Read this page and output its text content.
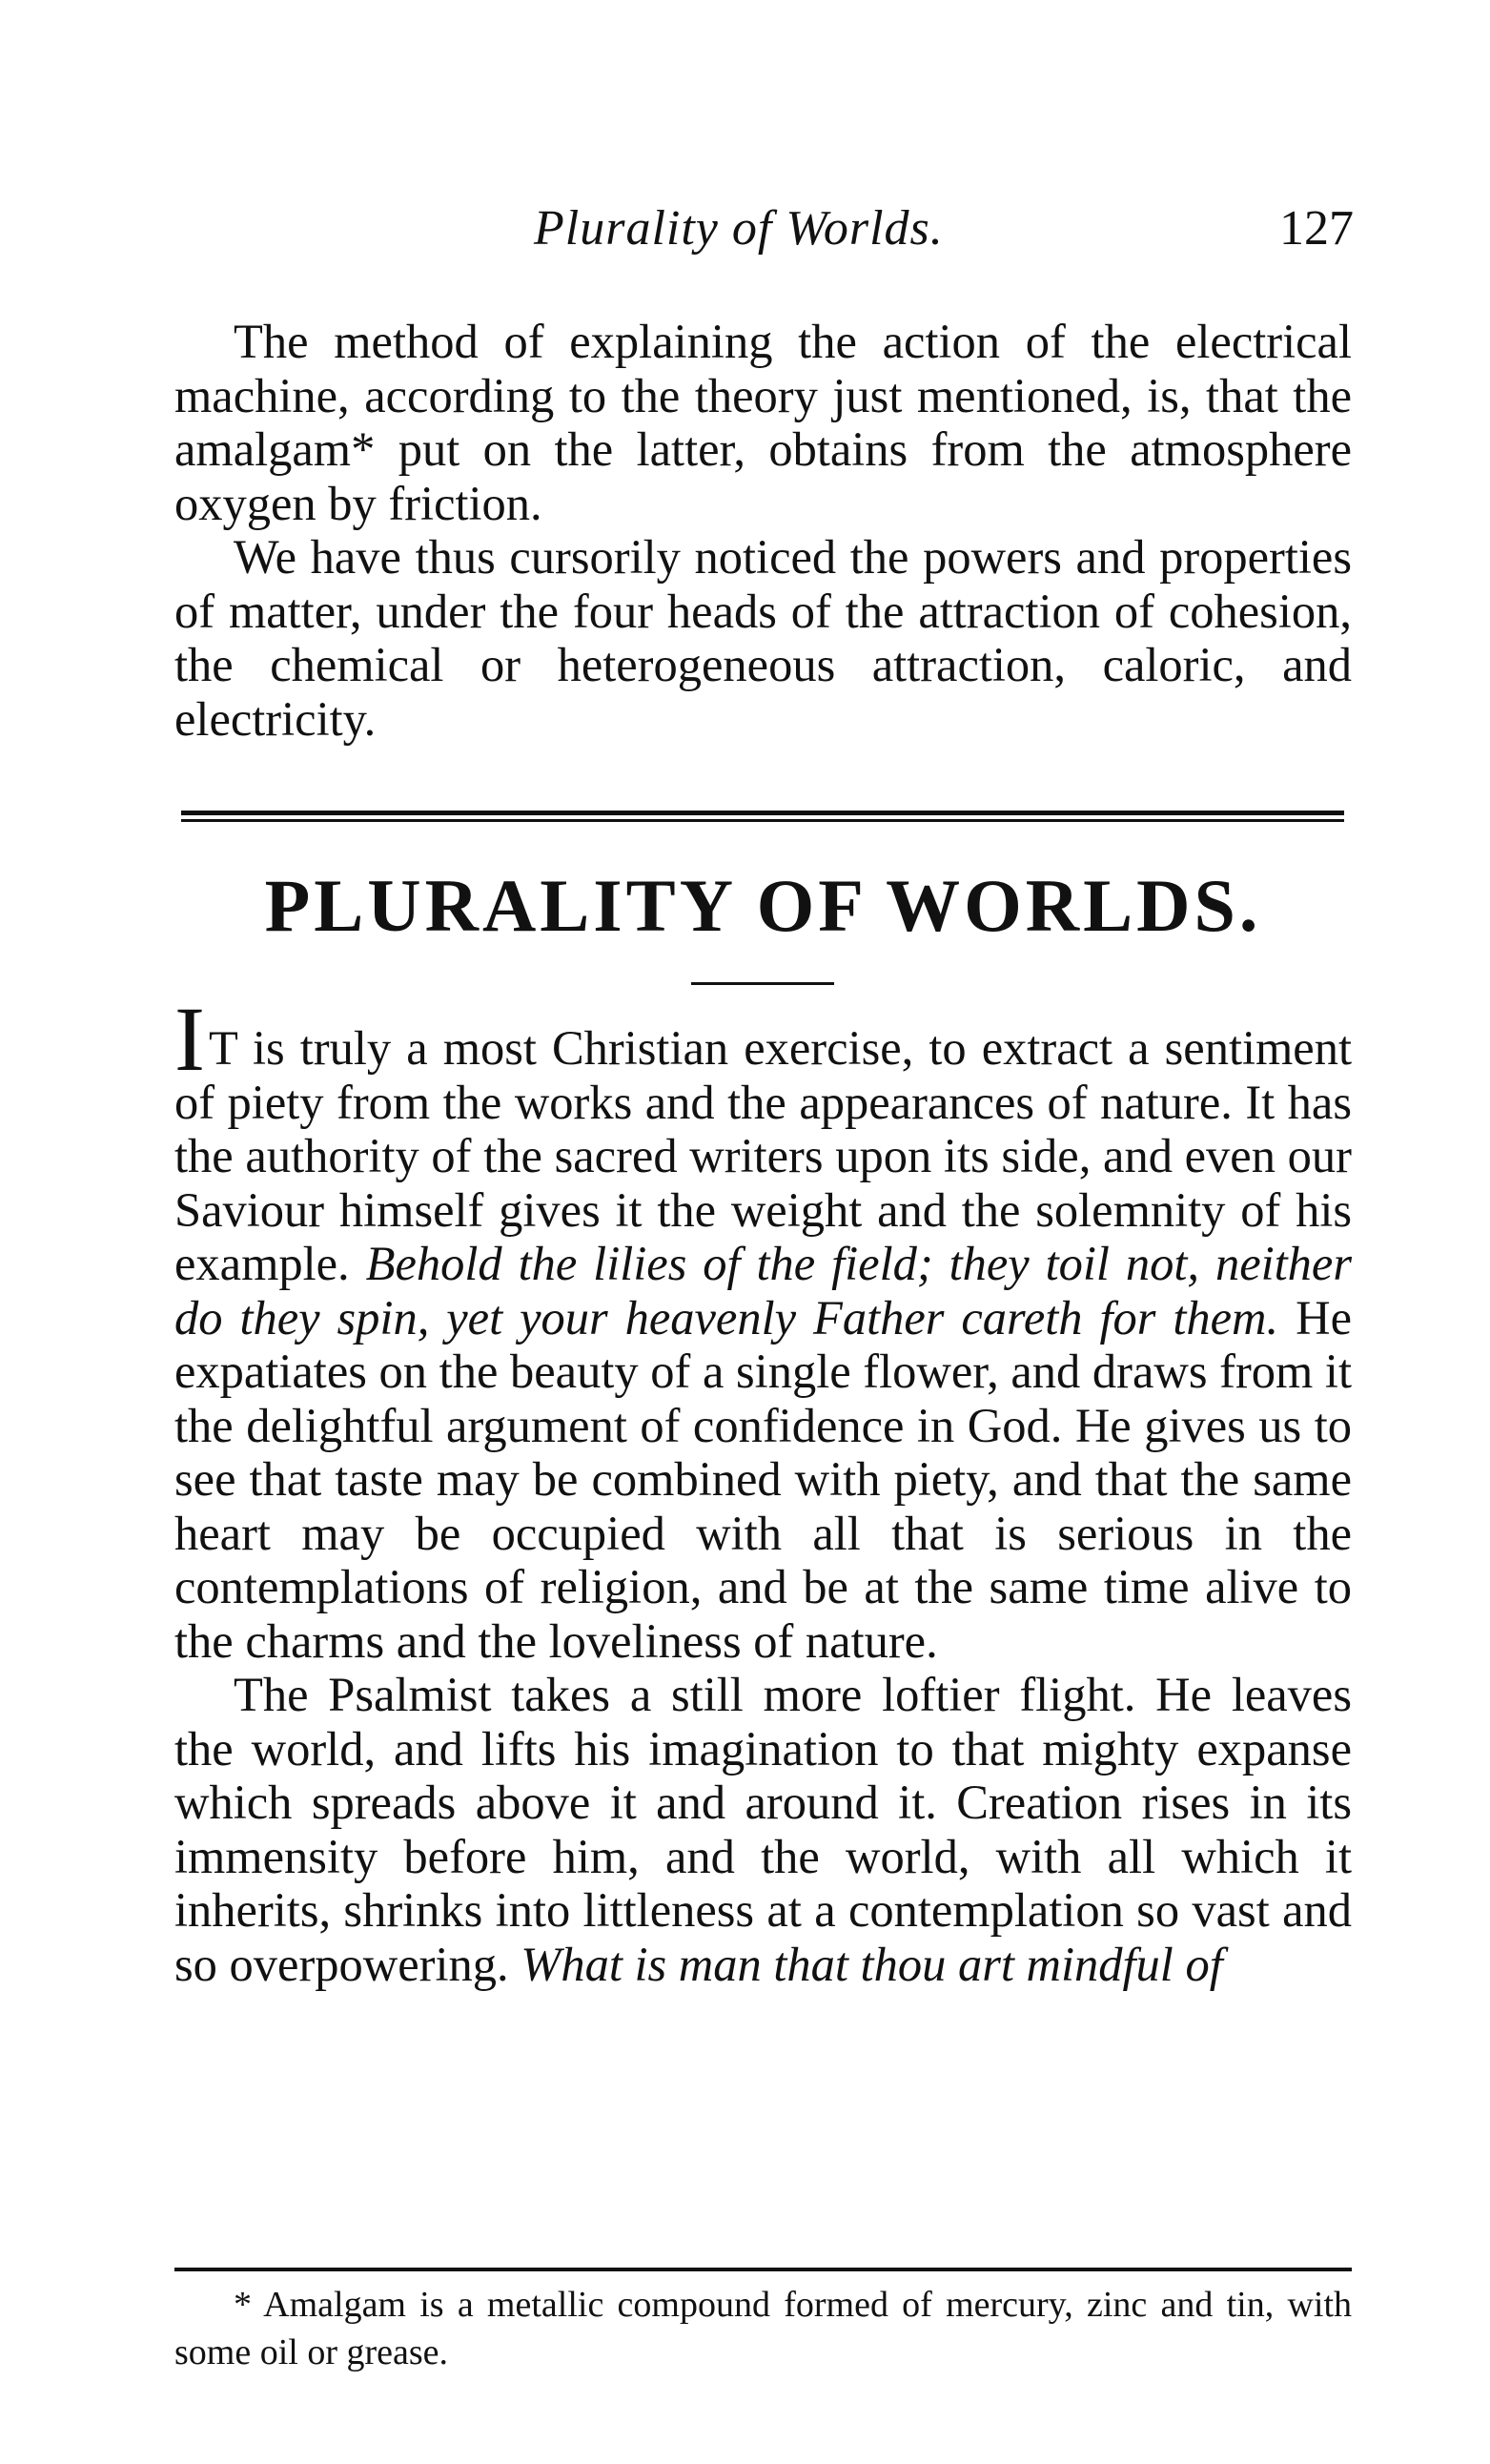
Plurality of Worlds.	127

The method of explaining the action of the electrical machine, according to the theory just mentioned, is, that the amalgam* put on the latter, obtains from the atmosphere oxygen by friction.

We have thus cursorily noticed the powers and properties of matter, under the four heads of the attraction of cohesion, the chemical or heterogeneous attraction, caloric, and electricity.

PLURALITY OF WORLDS.

IT is truly a most Christian exercise, to extract a sentiment of piety from the works and the appearances of nature. It has the authority of the sacred writers upon its side, and even our Saviour himself gives it the weight and the solemnity of his example. Behold the lilies of the field; they toil not, neither do they spin, yet your heavenly Father careth for them. He expatiates on the beauty of a single flower, and draws from it the delightful argument of confidence in God. He gives us to see that taste may be combined with piety, and that the same heart may be occupied with all that is serious in the contemplations of religion, and be at the same time alive to the charms and the loveliness of nature.

The Psalmist takes a still more loftier flight. He leaves the world, and lifts his imagination to that mighty expanse which spreads above it and around it. Creation rises in its immensity before him, and the world, with all which it inherits, shrinks into littleness at a contemplation so vast and so overpowering. What is man that thou art mindful of

* Amalgam is a metallic compound formed of mercury, zinc and tin, with some oil or grease.
